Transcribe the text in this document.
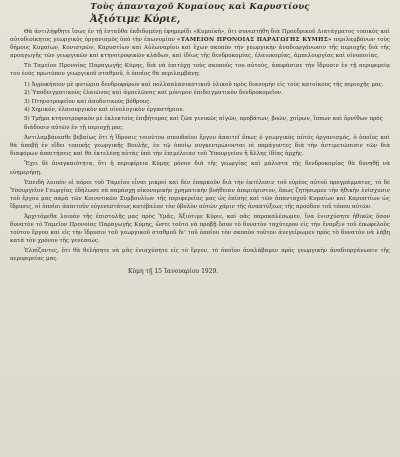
Τοὺς ἁπανταχοῦ Κυμαίους καὶ Καρυστίους
Ἀξιότιμε Κύριε,

Θὰ ἀντιλήφθητε ἴσως ἐν τῇ ἐνταῦθα ἐκδιδομένῃ ἐφημερίδι «Κυμαϊκή», ὅτι συνεστήθη διὰ Προεδρικοῦ Διατάγματος τοπικὸς καὶ αὐτοδιοίκητος γεωργικὸς ὀργανισμὸς ὑπὸ τὴν ἐπωνυμίαν «ΤΑΜΕΙΟΝ ΠΡΟΝΟΙΑΣ ΠΑΡΑΓΩΓΗΣ ΚΥΜΗΣ» περιλαμβάνων τοὺς δήμους Κυμαίων, Κονιστρῶν, Καρυστίων καὶ Αὐλωναρίου καὶ ἔχων σκοπὸν τὴν γεωργικὴν ἀναδιοργάνωσιν τῆς περιοχῆς διὰ τῆς προαγωγῆς τῶν γεωργικῶν καὶ κτηνοτροφικῶν κλάδων, καὶ ἰδίως τῆς δενδροκομίας, ἐλαιοκομίας, ἀμπελουργίας καὶ οἰνοποιίας.

Τὸ Ταμεῖον Προνοίας Παραγωγῆς Κύμης, διὰ νὰ ἐπιτύχῃ τοὺς σκοποὺς του αὐτούς, ἀπεφάσισε τὴν ἵδρυσιν ἐν τῇ περιφερείᾳ του ἑνὸς πρωτύπου γεωργικοῦ σταθμοῦ, ὁ ὁποῖος θὰ περιλαμβάνῃ:

1) Ἀγροκήπιον μὲ φυτώρια δενδροφόρων καὶ πολλαπλασιαστικοῦ ὑλικοῦ πρὸς διανομὴν εἰς τοὺς κατοίκους τῆς περιοχῆς μας.
2) Ὑποδειγματικοὺς ἐλαιῶνας καὶ ἀμπελῶνας καὶ μόνιμον ἐπιδειγματικὸν δενδροκομεῖον.
3) Πτηνοτροφεῖον καὶ ἀποδοτικοὺς βόθρους.
4) Χημικόν, ἐλαιουργικὸν καὶ οἰνολογικὸν ἐργαστήριον.
5) Τμῆμα κτηνοτροφικὸν μὲ ἐκλεκτοὺς ἐπιβήτορας καὶ ζῶα γενικῶς αἰγῶν, προβάτων, βοῶν, χοίρων, ἵππων καὶ ὀρνίθων πρὸς διάδοσιν αὐτῶν ἐν τῇ περιοχῇ μας.

Ἀντιλαμβάνεσθε βεβαίως ὅτι ἡ ἵδρυσις τοιούτου σπουδαίου ἔργου ἀπαιτεῖ ὅπως ὁ γεωργικὸς αὐτὸς ὀργανισμός, ὁ ὁποῖος καὶ θὰ ἀποβῇ ἐν εἴδει τοπικῆς γεωργικῆς Βουλῆς, ἐν τῷ ὁποίῳ συγκεντρώνονται οἱ παράγοντες διὰ τὴν ἀντιμετώπισιν τῶν διὰ διαφόρων ἀπαιτήσεις καὶ θὰ ἐκτελέσῃ αὐτὰς ὑπὸ τὴν ἐπιμέλειαν τοῦ Ὑπουργείου ἢ ἄλλης ἰδίας ἀρχῆς.

Ἔχει δὲ ἀναγκαιότητα, ὅτι ἡ περιφέρεια Κύμης μόνον διὰ τῆς γεωργίας καὶ μάλιστα τῆς δενδροκομίας θὰ δυνηθῇ νὰ εὐημερήσῃ.

Ἐπειδὴ λοιπὸν οἱ πόροι τοῦ Ταμείου εἶναι μικροὶ καὶ δὲν ἐπαρκοῦν διὰ τὴν ἐκτέλεσιν τοῦ εὐρέος αὐτοῦ προγράμματος, τὸ δὲ Ὑπουργεῖον Γεωργίας ἐδήλωσε νὰ παράσχῃ οἰκονομικὴν χρηματικὴν βοήθειαν ἀπεριόριστον, ὅπως ζητήσωμεν τὴν ἠθικὴν ἐνίσχυσιν τοῦ ἔργου μας παρὰ τῶν Κοινοτικῶν Συμβουλίων τῆς περιφερείας μας ὡς ἐπίσης καὶ τῶν ἁπανταχοῦ Κυμαίων καὶ Καρυστίων ὡς ἵδρυσις, οἱ ὁποῖοι ἀπαιτοῦν εὐγενεστάτως κατέβαλον τὸν ὀβολὸν αὐτῶν χάριν τῆς ἀναπτύξεως τῆς προόδου τοῦ τόπου αὐτῶν.

Ἀρχιτόμεθα λοιπὸν τῆς ἐπιστολῆς μας πρὸς Ὑμᾶς, Ἀξιότιμε Κύριε, καὶ σᾶς παρακαλέσωμεν, ἵνα ἐνισχύσητε ἠθικῶς ὅσον δυνατὸν τὸ Ταμεῖον Προνοίας Παραγωγῆς Κύμης, ὥστε τοῦτο νὰ προβῇ ὅσον τὸ δυνατὸν ταχύτερον εἰς τὴν ἔναρξιν τοῦ ἐπωφελοῦς τούτου ἔργου καὶ εἰς τὴν ἵδρυσιν τοῦ γεωργικοῦ σταθμοῦ δι' τοῦ ὁποίου τὸν σκοπὸν τοῦτον ἀνεγείρωμεν πρὸς τὸ δυνατὸν νὰ λάβῃ κατὰ τὸν χρόνον τῆς γενέσεως.

Ἐλπίζοντες, ὅτι θὰ θελήσητε νὰ μᾶς ἐνισχύσητε εἰς τὸ ἔργον, τὸ ὁποῖον ἀναλάβαμεν πρὸς γεωργικὴν ἀναδιοργάνωσιν τῆς περιφερείας μας.

Κύμη τῇ 15 Ἰανουαρίου 1929.
